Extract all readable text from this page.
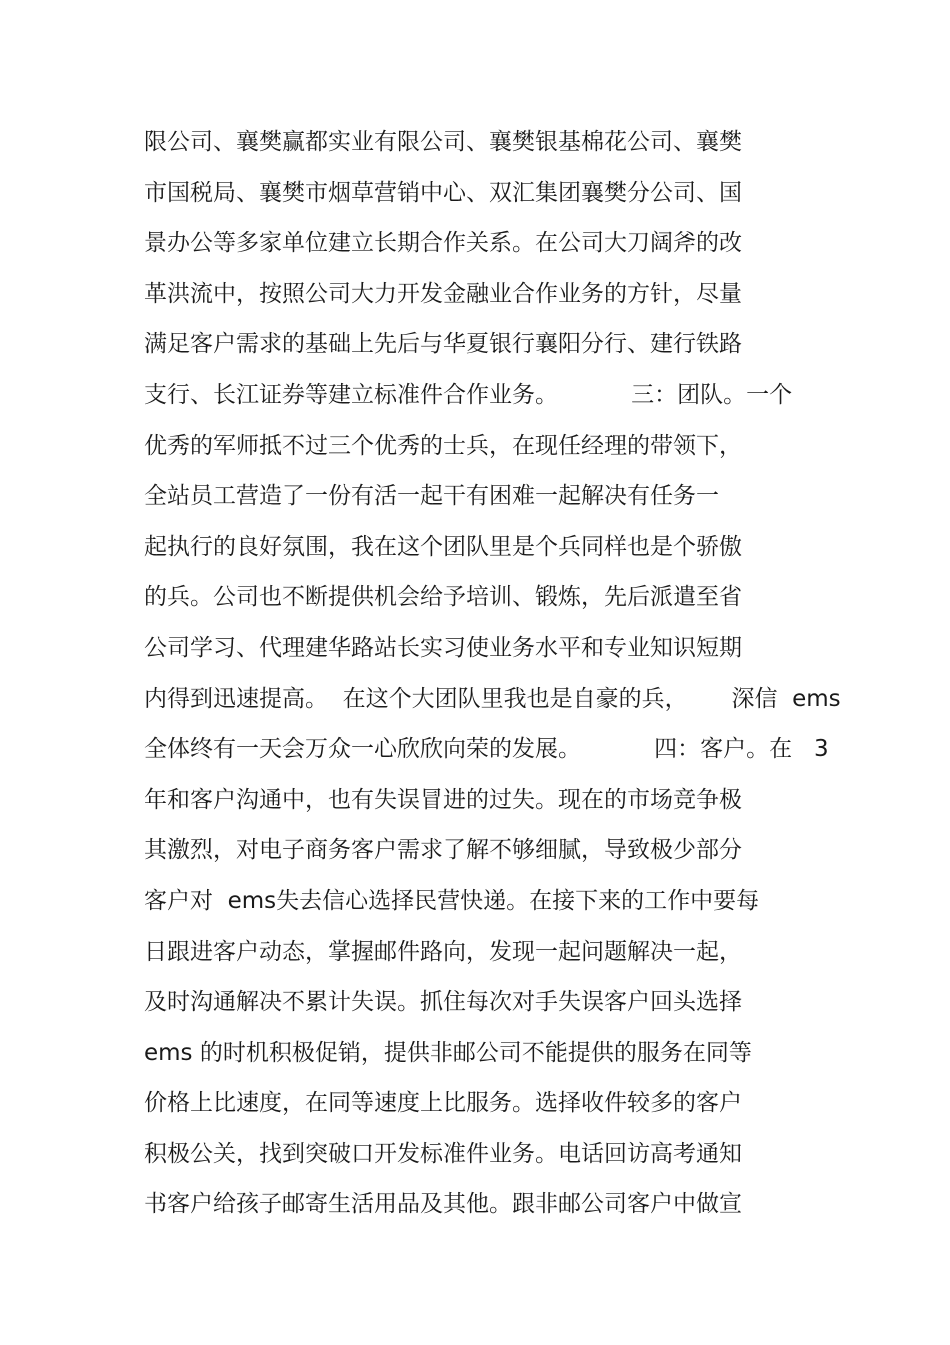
限公司、襄樊赢都实业有限公司、襄樊银基棉花公司、襄樊
市国税局、襄樊市烟草营销中心、双汇集团襄樊分公司、国
景办公等多家单位建立长期合作关系。在公司大刀阔斧的改
革洪流中，按照公司大力开发金融业合作业务的方针，尽量
满足客户需求的基础上先后与华夏银行襄阳分行、建行铁路
支行、长江证券等建立标准件合作业务。          三：团队。一个
优秀的军师抵不过三个优秀的士兵，在现任经理的带领下，
全站员工营造了一份有活一起干有困难一起解决有任务一
起执行的良好氛围，我在这个团队里是个兵同样也是个骄傲
的兵。公司也不断提供机会给予培训、锻炼，先后派遣至省
公司学习、代理建华路站长实习使业务水平和专业知识短期
内得到迅速提高。  在这个大团队里我也是自豪的兵，      深信  ems
全体终有一天会万众一心欣欣向荣的发展。          四：客户。在   3
年和客户沟通中，也有失误冒进的过失。现在的市场竞争极
其激烈，对电子商务客户需求了解不够细腻，导致极少部分
客户对  ems失去信心选择民营快递。在接下来的工作中要每
日跟进客户动态，掌握邮件路向，发现一起问题解决一起，
及时沟通解决不累计失误。抓住每次对手失误客户回头选择
ems 的时机积极促销，提供非邮公司不能提供的服务在同等
价格上比速度，在同等速度上比服务。选择收件较多的客户
积极公关，找到突破口开发标准件业务。电话回访高考通知
书客户给孩子邮寄生活用品及其他。跟非邮公司客户中做宣
